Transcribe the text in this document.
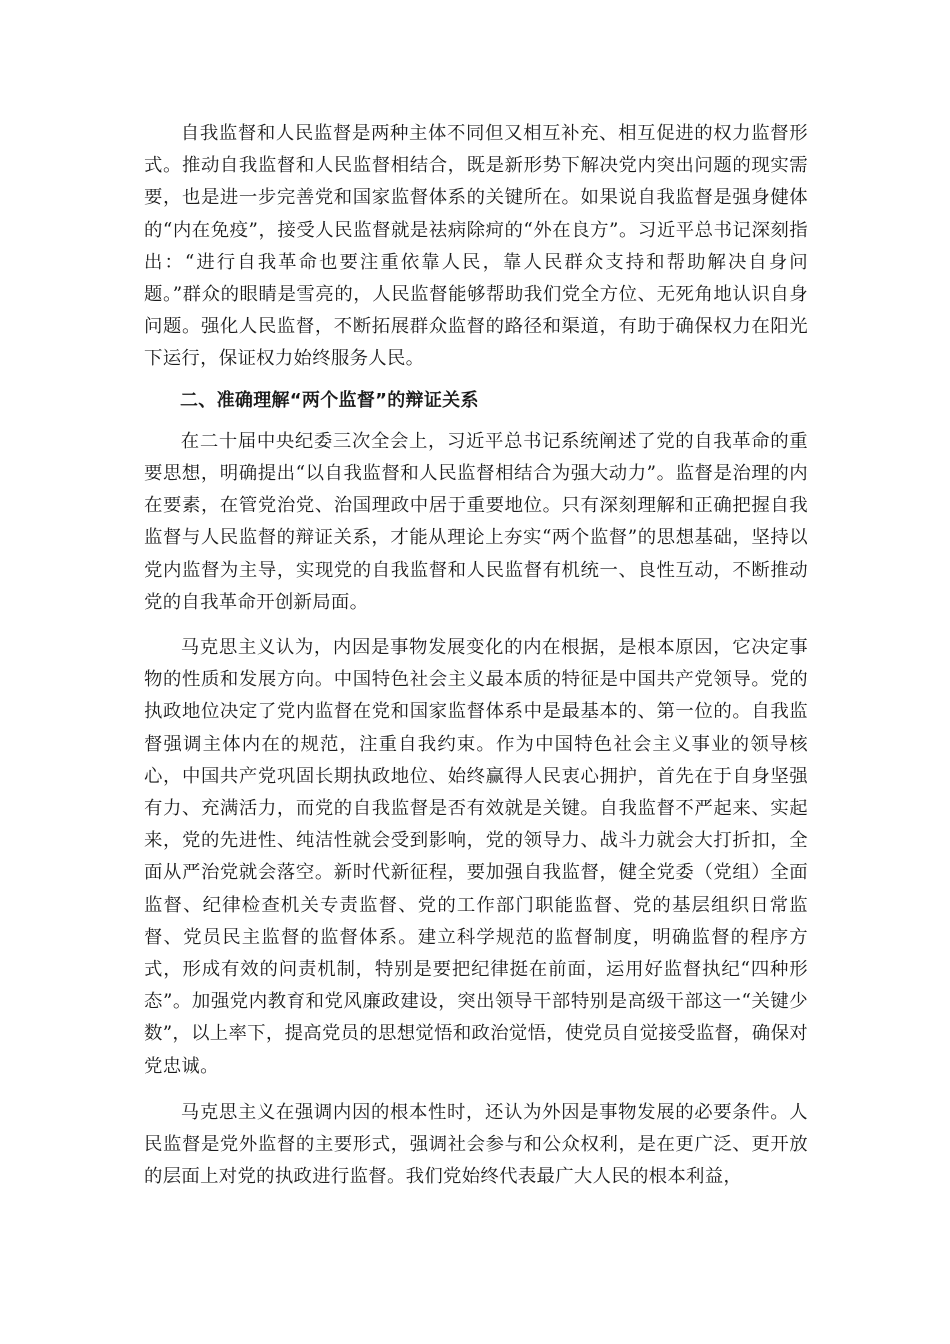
自我监督和人民监督是两种主体不同但又相互补充、相互促进的权力监督形式。推动自我监督和人民监督相结合，既是新形势下解决党内突出问题的现实需要，也是进一步完善党和国家监督体系的关键所在。如果说自我监督是强身健体的“内在免疫”，接受人民监督就是祛病除疴的“外在良方”。习近平总书记深刻指出：“进行自我革命也要注重依靠人民，靠人民群众支持和帮助解决自身问题。”群众的眼睛是雪亮的，人民监督能够帮助我们党全方位、无死角地认识自身问题。强化人民监督，不断拓展群众监督的路径和渠道，有助于确保权力在阳光下运行，保证权力始终服务人民。

二、准确理解“两个监督”的辩证关系

在二十届中央纪委三次全会上，习近平总书记系统阐述了党的自我革命的重要思想，明确提出“以自我监督和人民监督相结合为强大动力”。监督是治理的内在要素，在管党治党、治国理政中居于重要地位。只有深刻理解和正确把握自我监督与人民监督的辩证关系，才能从理论上夯实“两个监督”的思想基础，坚持以党内监督为主导，实现党的自我监督和人民监督有机统一、良性互动，不断推动党的自我革命开创新局面。

马克思主义认为，内因是事物发展变化的内在根据，是根本原因，它决定事物的性质和发展方向。中国特色社会主义最本质的特征是中国共产党领导。党的执政地位决定了党内监督在党和国家监督体系中是最基本的、第一位的。自我监督强调主体内在的规范，注重自我约束。作为中国特色社会主义事业的领导核心，中国共产党巩固长期执政地位、始终赢得人民衷心拥护，首先在于自身坚强有力、充满活力，而党的自我监督是否有效就是关键。自我监督不严起来、实起来，党的先进性、纯洁性就会受到影响，党的领导力、战斗力就会大打折扣，全面从严治党就会落空。新时代新征程，要加强自我监督，健全党委（党组）全面监督、纪律检查机关专责监督、党的工作部门职能监督、党的基层组织日常监督、党员民主监督的监督体系。建立科学规范的监督制度，明确监督的程序方式，形成有效的问责机制，特别是要把纪律挺在前面，运用好监督执纪“四种形态”。加强党内教育和党风廉政建设，突出领导干部特别是高级干部这一“关键少数”，以上率下，提高党员的思想觉悟和政治觉悟，使党员自觉接受监督，确保对党忠诚。

马克思主义在强调内因的根本性时，还认为外因是事物发展的必要条件。人民监督是党外监督的主要形式，强调社会参与和公众权利，是在更广泛、更开放的层面上对党的执政进行监督。我们党始终代表最广大人民的根本利益，
